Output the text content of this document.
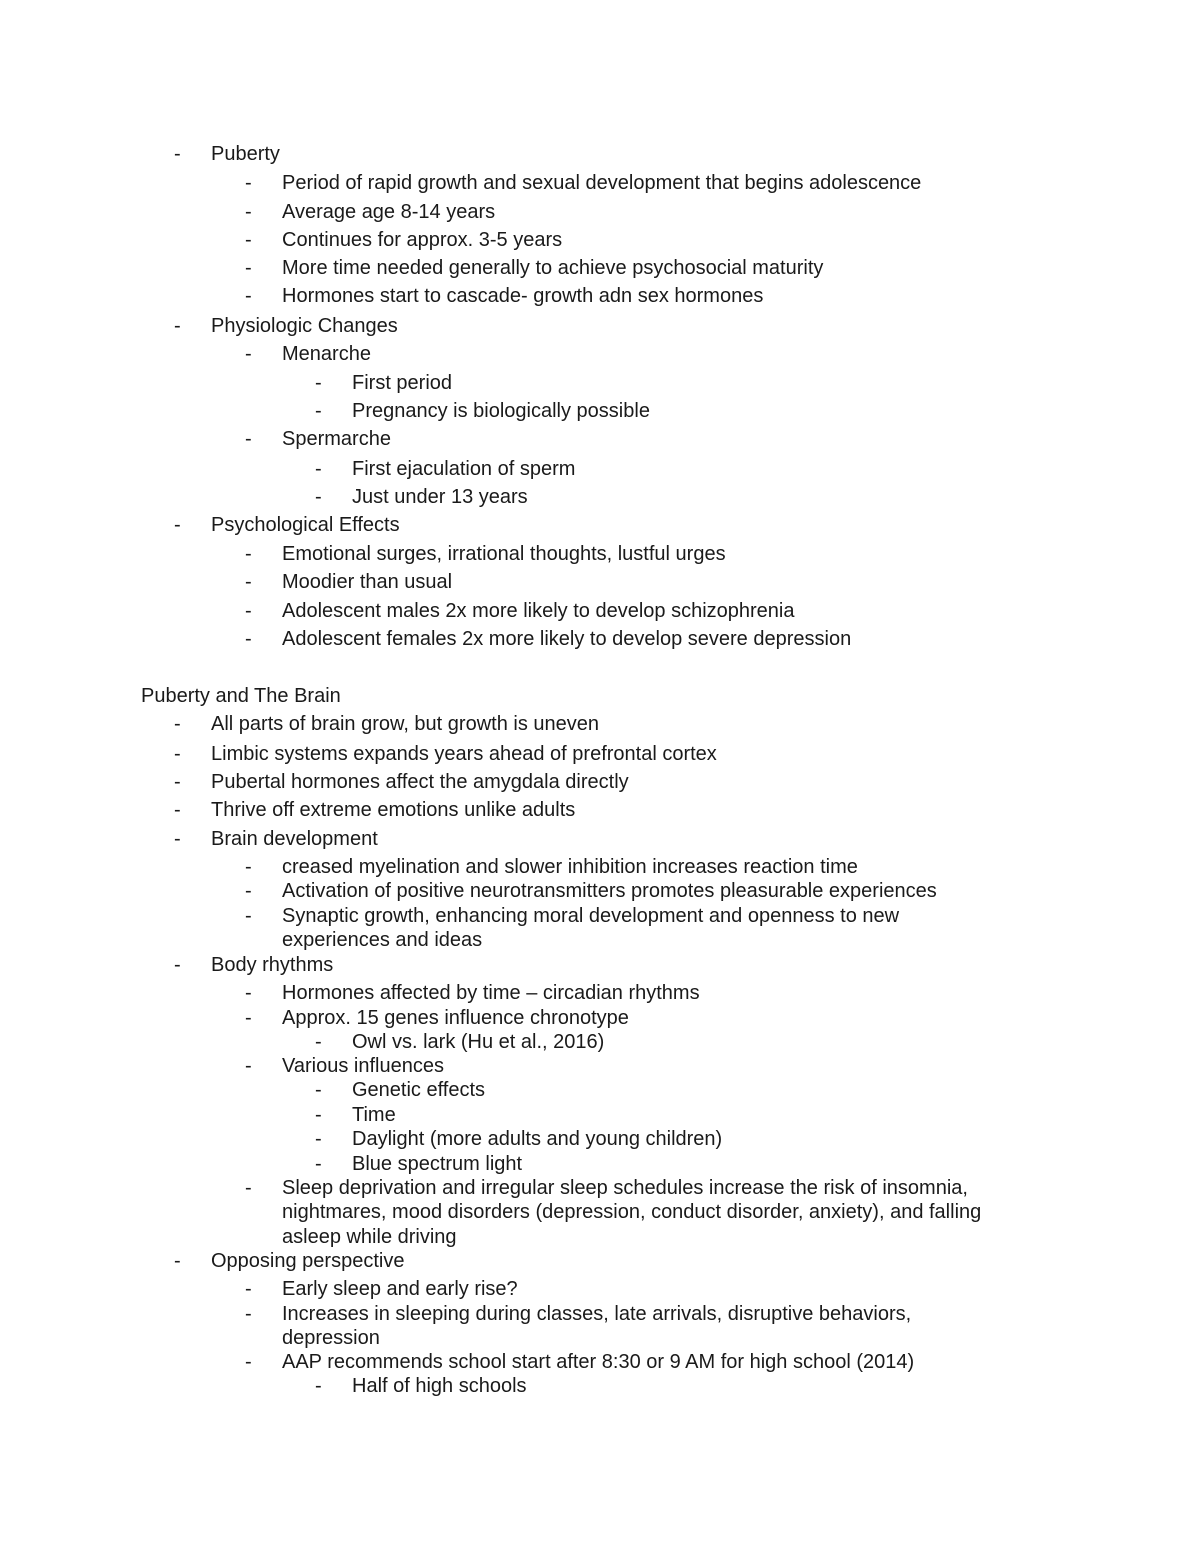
- Puberty
- Period of rapid growth and sexual development that begins adolescence
- Average age 8-14 years
- Continues for approx. 3-5 years
- More time needed generally to achieve psychosocial maturity
- Hormones start to cascade- growth adn sex hormones
- Physiologic Changes
- Menarche
- First period
- Pregnancy is biologically possible
- Spermarche
- First ejaculation of sperm
- Just under 13 years
- Psychological Effects
- Emotional surges, irrational thoughts, lustful urges
- Moodier than usual
- Adolescent males 2x more likely to develop schizophrenia
- Adolescent females 2x more likely to develop severe depression
Puberty and The Brain
- All parts of brain grow, but growth is uneven
- Limbic systems expands years ahead of prefrontal cortex
- Pubertal hormones affect the amygdala directly
- Thrive off extreme emotions unlike adults
- Brain development
- creased myelination and slower inhibition increases reaction time
- Activation of positive neurotransmitters promotes pleasurable experiences
- Synaptic growth, enhancing moral development and openness to new
experiences and ideas
- Body rhythms
- Hormones affected by time – circadian rhythms
- Approx. 15 genes influence chronotype
- Owl vs. lark (Hu et al., 2016)
- Various influences
- Genetic effects
- Time
- Daylight (more adults and young children)
- Blue spectrum light
- Sleep deprivation and irregular sleep schedules increase the risk of insomnia,
nightmares, mood disorders (depression, conduct disorder, anxiety), and falling
asleep while driving
- Opposing perspective
- Early sleep and early rise?
- Increases in sleeping during classes, late arrivals, disruptive behaviors,
depression
- AAP recommends school start after 8:30 or 9 AM for high school (2014)
- Half of high schools
